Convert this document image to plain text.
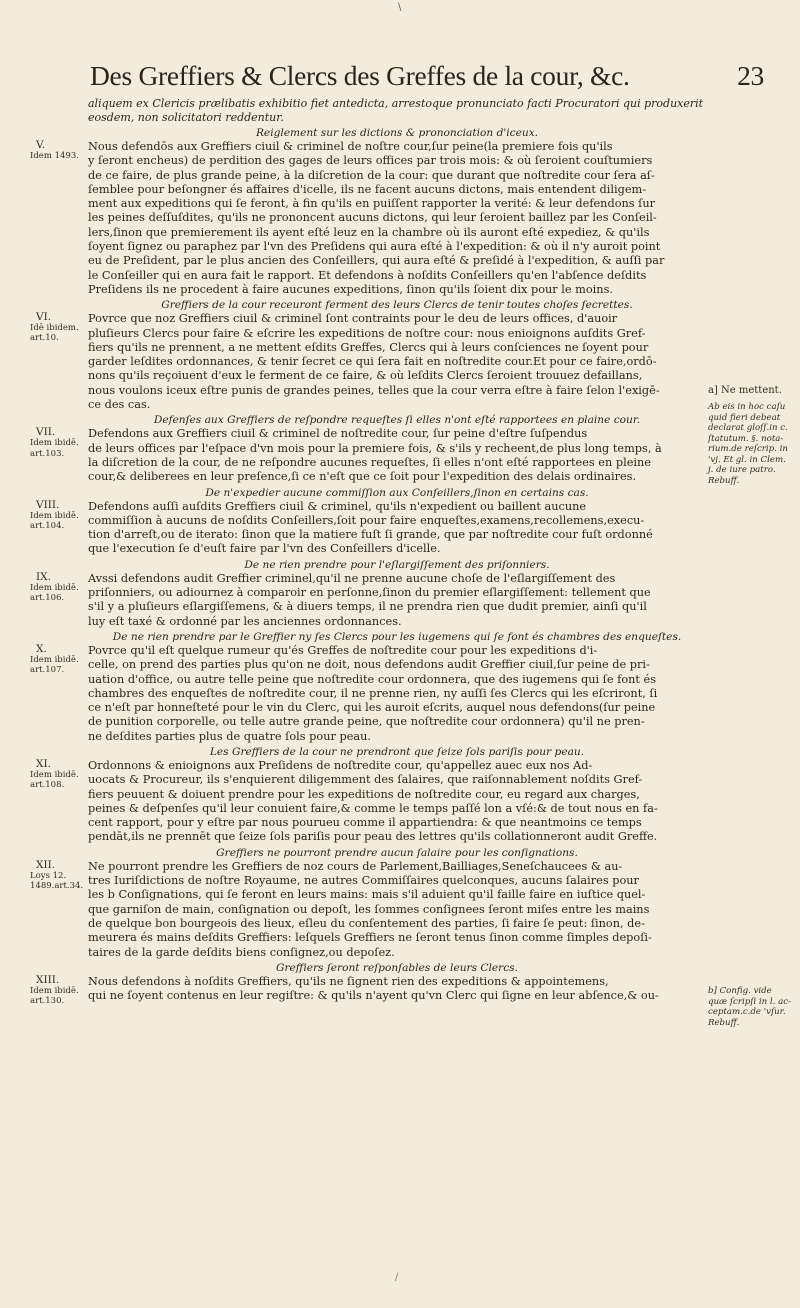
\
Des Greffiers & Clercs des Greffes de la cour, &c.	23

aliquem ex Clericis prælibatis exhibitio fiet antedicta, arrestoque pronunciato facti Procuratori qui produxerit

eosdem, non solicitatori reddentur.

Reiglement sur les dictions & prononciation d'iceux.

Nous defendōs aux Greffiers ciuil & criminel de noſtre cour,ſur peine(la premiere fois qu'ils

y ſeront encheus) de perdition des gages de leurs offices par trois mois: & où ſeroient couſtumiers

de ce faire, de plus grande peine, à la diſcretion de la cour: que durant que noſtredite cour ſera aſ-

ſemblee pour beſongner és affaires d'icelle, ils ne facent aucuns dictons, mais entendent diligem-

ment aux expeditions qui ſe feront, à fin qu'ils en puiſſent rapporter la verité: & leur defendons ſur

les peines deſſuſdites, qu'ils ne prononcent aucuns dictons, qui leur ſeroient baillez par les Conſeil-

lers,ſinon que premierement ils ayent eſté leuz en la chambre où ils auront eſté expediez, & qu'ils

ſoyent ſignez ou paraphez par l'vn des Preſidens qui aura eſté à l'expedition: & où il n'y auroit point

eu de Preſident, par le plus ancien des Conſeillers, qui aura eſté & preſidé à l'expedition, & auſſi par

le Conſeiller qui en aura fait le rapport. Et defendons à noſdits Conſeillers qu'en l'abſence deſdits

Preſidens ils ne procedent à faire aucunes expeditions, ſinon qu'ils ſoient dix pour le moins.

Greffiers de la cour receuront ferment des leurs Clercs de tenir toutes choſes ſecrettes.

Povrce que noz Greffiers ciuil & criminel ſont contraints pour le deu de leurs offices, d'auoir

pluſieurs Clercs pour faire & eſcrire les expeditions de noſtre cour: nous enioignons auſdits Gref-

fiers qu'ils ne prennent, a ne mettent eſdits Greffes, Clercs qui à leurs conſciences ne ſoyent pour

garder leſdites ordonnances, & tenir ſecret ce qui ſera fait en noſtredite cour.Et pour ce faire,ordō-

nons qu'ils reçoiuent d'eux le ferment de ce faire, & où leſdits Clercs ſeroient trouuez defaillans,

nous voulons iceux eſtre punis de grandes peines, telles que la cour verra eſtre à faire ſelon l'exigē-

ce des cas.

Defenſes aux Greffiers de reſpondre requeſtes ſi elles n'ont eſté rapportees en plaine cour.

Defendons aux Greffiers ciuil & criminel de noſtredite cour, ſur peine d'eſtre ſuſpendus

de leurs offices par l'eſpace d'vn mois pour la premiere fois, & s'ils y recheent,de plus long temps, à

la diſcretion de la cour, de ne reſpondre aucunes requeſtes, ſi elles n'ont eſté rapportees en pleine

cour,& deliberees en leur preſence,ſi ce n'eſt que ce ſoit pour l'expedition des delais ordinaires.

De n'expedier aucune commiſſion aux Conſeillers,ſinon en certains cas.

Defendons auſſi auſdits Greffiers ciuil & criminel, qu'ils n'expedient ou baillent aucune

commiſſion à aucuns de noſdits Conſeillers,ſoit pour faire enqueſtes,examens,recollemens,execu-

tion d'arreſt,ou de iterato: ſinon que la matiere fuſt ſi grande, que par noſtredite cour fuſt ordonné

que l'execution ſe d'euſt faire par l'vn des Conſeillers d'icelle.

De ne rien prendre pour l'eſlargiſſement des priſonniers.

Avssi defendons audit Greffier criminel,qu'il ne prenne aucune choſe de l'eſlargiſſement des

priſonniers, ou adiournez à comparoir en perſonne,ſinon du premier eſlargiſſement: tellement que

s'il y a pluſieurs eſlargiſſemens, & à diuers temps, il ne prendra rien que dudit premier, ainſi qu'il

luy eſt taxé & ordonné par les anciennes ordonnances.

De ne rien prendre par le Greffier ny ſes Clercs pour les iugemens qui ſe font és chambres des enqueſtes.

Povrce qu'il eſt quelque rumeur qu'és Greffes de noſtredite cour pour les expeditions d'i-

celle, on prend des parties plus qu'on ne doit, nous defendons audit Greffier ciuil,ſur peine de pri-

uation d'office, ou autre telle peine que noſtredite cour ordonnera, que des iugemens qui ſe font és

chambres des enqueſtes de noſtredite cour, il ne prenne rien, ny auſſi ſes Clercs qui les eſcriront, ſi

ce n'eſt par honneſteté pour le vin du Clerc, qui les auroit eſcrits, auquel nous defendons(ſur peine

de punition corporelle, ou telle autre grande peine, que noſtredite cour ordonnera) qu'il ne pren-

ne deſdites parties plus de quatre ſols pour peau.

Les Greffiers de la cour ne prendront que ſeize ſols pariſis pour peau.

Ordonnons & enioignons aux Preſidens de noſtredite cour, qu'appellez auec eux nos Ad-

uocats & Procureur, ils s'enquierent diligemment des ſalaires, que raiſonnablement noſdits Gref-

fiers peuuent & doiuent prendre pour les expeditions de noſtredite cour, eu regard aux charges,

peines & deſpenſes qu'il leur conuient faire,& comme le temps paſſé lon a vſé:& de tout nous en fa-

cent rapport, pour y eſtre par nous pourueu comme il appartiendra: & que neantmoins ce temps

pendāt,ils ne prennēt que ſeize ſols pariſis pour peau des lettres qu'ils collationneront audit Greffe.

Greffiers ne pourront prendre aucun ſalaire pour les conſignations.

Ne pourront prendre les Greffiers de noz cours de Parlement,Bailliages,Seneſchaucees & au-

tres Iuriſdictions de noſtre Royaume, ne autres Commiſſaires quelconques, aucuns ſalaires pour

les b Conſignations, qui ſe feront en leurs mains: mais s'il aduient qu'il faille faire en iuſtice quel-

que garniſon de main, conſignation ou depoſt, les ſommes conſignees ſeront miſes entre les mains

de quelque bon bourgeois des lieux, eſleu du conſentement des parties, ſi faire ſe peut: ſinon, de-

meurera és mains deſdits Greffiers: leſquels Greffiers ne ſeront tenus ſinon comme ſimples depoſi-

taires de la garde deſdits biens conſignez,ou depoſez.

Greffiers ſeront reſponſables de leurs Clercs.

Nous defendons à noſdits Greffiers, qu'ils ne ſignent rien des expeditions & appointemens,

qui ne ſoyent contenus en leur regiſtre: & qu'ils n'ayent qu'vn Clerc qui ſigne en leur abſence,& ou-

V.
Idem 1493.
VI.
Idē ibidem. art.10.
VII.
Idem ibidē. art.103.
VIII.
Idem ibidē. art.104.
IX.
Idem ibidē. art.106.
X.
Idem ibidē. art.107.
XI.
Idem ibidē. art.108.
XII.
Loys 12. 1489.art.34.
XIII.
Idem ibidē. art.130.
a] Ne mettent.
Ab eis in hoc caſu quid fieri debeat declarat gloſſ.in c. ſtatutum. §. nota- rium.de reſcrip. in 'vj. Et gl. in Clem. j. de iure patro. Rebuff.
b] Config. vide quæ ſcripſi in l. ac- ceptam.c.de 'vſur. Rebuff.
/
